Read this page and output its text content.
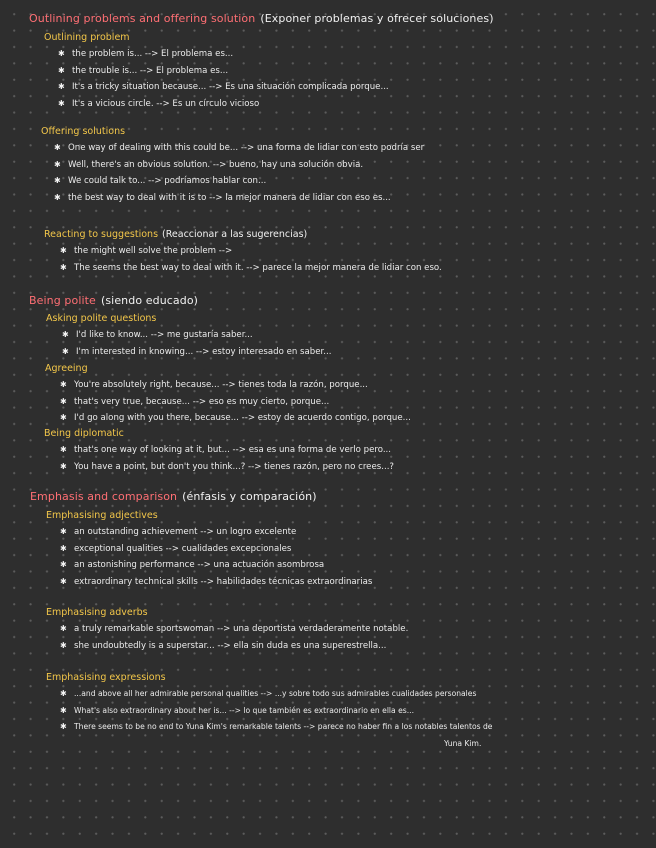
Outlining problems and offering solution (Exponer problemas y ofrecer soluciones)
Outlining problem
✱ the problem is... --> El problema es...
✱ the trouble is... --> El problema es...
✱ It's a tricky situation because... --> Es una situación complicada porque...
✱ It's a vicious circle. --> Es un círculo vicioso
Offering solutions
✱ One way of dealing with this could be... --> una forma de lidiar con esto podría ser
✱ Well, there's an obvious solution. --> bueno, hay una solución obvia.
✱ We could talk to... --> podríamos hablar con...
✱ the best way to deal with it is to --> la mejor manera de lidiar con eso es...
Reacting to suggestions (Reaccionar a las sugerencias)
✱ the might well solve the problem -->
✱ The seems the best way to deal with it. --> parece la mejor manera de lidiar con eso.
Being polite (siendo educado)
Asking polite questions
✱ I'd like to know... --> me gustaría saber...
✱ I'm interested in knowing... --> estoy interesado en saber...
Agreeing
✱ You're absolutely right, because... --> tienes toda la razón, porque...
✱ that's very true, because... --> eso es muy cierto, porque...
✱ I'd go along with you there, because... --> estoy de acuerdo contigo, porque...
Being diplomatic
✱ that's one way of looking at it, but... --> esa es una forma de verlo pero...
✱ You have a point, but don't you think...? --> tienes razón, pero no crees...?
Emphasis and comparison (énfasis y comparación)
Emphasising adjectives
✱ an outstanding achievement --> un logro excelente
✱ exceptional qualities --> cualidades excepcionales
✱ an astonishing performance --> una actuación asombrosa
✱ extraordinary technical skills --> habilidades técnicas extraordinarias
Emphasising adverbs
✱ a truly remarkable sportswoman --> una deportista verdaderamente notable.
✱ she undoubtedly is a superstar... --> ella sin duda es una superestrella...
Emphasising expressions
✱ ...and above all her admirable personal qualities --> ...y sobre todo sus admirables cualidades personales
✱ What's also extraordinary about her is... --> lo que también es extraordinario en ella es...
✱ There seems to be no end to Yuna Kim's remarkable talents --> parece no haber fin a los notables talentos de
Yuna Kim.
